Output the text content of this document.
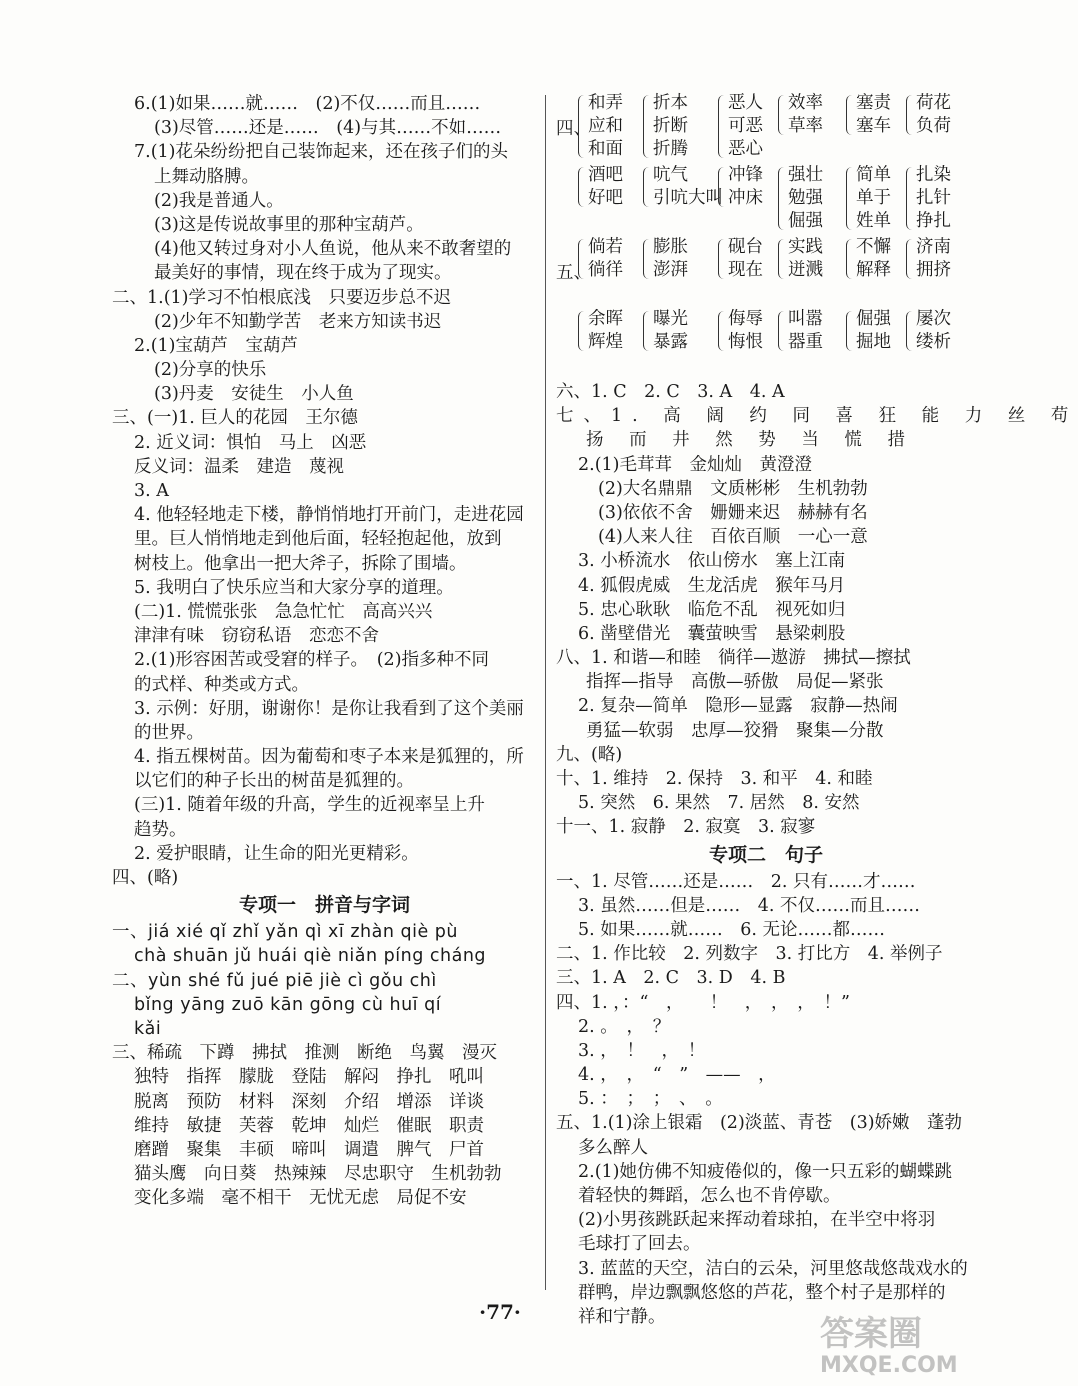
6.(1)如果……就……　(2)不仅……而且……
(3)尽管……还是……　(4)与其……不如……
7.(1)花朵纷纷把自己装饰起来，还在孩子们的头
上舞动胳膊。
(2)我是普通人。
(3)这是传说故事里的那种宝葫芦。
(4)他又转过身对小人鱼说，他从来不敢奢望的
最美好的事情，现在终于成为了现实。
二、1.(1)学习不怕根底浅　只要迈步总不迟
(2)少年不知勤学苦　老来方知读书迟
2.(1)宝葫芦　宝葫芦
(2)分享的快乐
(3)丹麦　安徒生　小人鱼
三、(一)1. 巨人的花园　王尔德
2. 近义词：惧怕　马上　凶恶
反义词：温柔　建造　蔑视
3. A
4. 他轻轻地走下楼，静悄悄地打开前门，走进花园
里。巨人悄悄地走到他后面，轻轻抱起他，放到
树枝上。他拿出一把大斧子，拆除了围墙。
5. 我明白了快乐应当和大家分享的道理。
(二)1. 慌慌张张　急急忙忙　高高兴兴
津津有味　窃窃私语　恋恋不舍
2.(1)形容困苦或受窘的样子。　(2)指多种不同
的式样、种类或方式。
3. 示例：好朋，谢谢你！是你让我看到了这个美丽
的世界。
4. 指五棵树苗。因为葡萄和枣子本来是狐狸的，所
以它们的种子长出的树苗是狐狸的。
(三)1. 随着年级的升高，学生的近视率呈上升
趋势。
2. 爱护眼睛，让生命的阳光更精彩。
四、(略)
专项一　拼音与字词
一、jiá xié qǐ zhǐ yǎn qì xī zhàn qiè pù
chà shuān jǔ huái qiè niǎn píng cháng
二、yùn shé fǔ jué piē jiè cì gǒu chì
bǐng yāng zuō kān gōng cù huī qí
kǎi
三、稀疏　下蹲　拂拭　推测　断绝　鸟翼　漫灭
独特　指挥　朦胧　登陆　解闷　挣扎　吼叫
脱离　预防　材料　深刻　介绍　增添　详谈
维持　敏捷　芙蓉　乾坤　灿烂　催眠　职责
磨蹭　聚集　丰硕　啼叫　调遣　脾气　尸首
猫头鹰　向日葵　热辣辣　尽忠职守　生机勃勃
变化多端　毫不相干　无忧无虑　局促不安
四、
和弄
应和
和面
折本
折断
折腾
恶人
可恶
恶心
效率
草率
塞责
塞车
荷花
负荷
酒吧
好吧
吭气
引吭大叫
冲锋
冲床
强壮
勉强
倔强
简单
单于
姓单
扎染
扎针
挣扎
五、
倘若
徜徉
膨胀
澎湃
砚台
现在
实践
迸溅
不懈
解释
济南
拥挤
余晖
辉煌
曝光
暴露
侮辱
悔恨
叫嚣
器重
倔强
掘地
屡次
缕析
六、1. C　2. C　3. A　4. A
七、1. 高 阔 约 同 喜 狂 能 力 丝 苟
扬 而 井 然 势 当 慌 措
2.(1)毛茸茸　金灿灿　黄澄澄
(2)大名鼎鼎　文质彬彬　生机勃勃
(3)依依不舍　姗姗来迟　赫赫有名
(4)人来人往　百依百顺　一心一意
3. 小桥流水　依山傍水　塞上江南
4. 狐假虎威　生龙活虎　猴年马月
5. 忠心耿耿　临危不乱　视死如归
6. 凿壁借光　囊萤映雪　悬梁刺股
八、1. 和谐—和睦　徜徉—遨游　拂拭—擦拭
指挥—指导　高傲—骄傲　局促—紧张
2. 复杂—简单　隐形—显露　寂静—热闹
勇猛—软弱　忠厚—狡猾　聚集—分散
九、(略)
十、1. 维持　2. 保持　3. 和平　4. 和睦
5. 突然　6. 果然　7. 居然　8. 安然
十一、1. 寂静　2. 寂寞　3. 寂寥
专项二　句子
一、1. 尽管……还是……　2. 只有……才……
3. 虽然……但是……　4. 不仅……而且……
5. 如果……就……　6. 无论……都……
二、1. 作比较　2. 列数字　3. 打比方　4. 举例子
三、1. A　2. C　3. D　4. B
四、1. ，：“　，　　！　，　，　，　！”
2. 。　，　？
3. ，　！　，　！
4. ，　，　“　”　——　，
5. ：　；　；　、　。
五、1.(1)涂上银霜　(2)淡蓝、青苍　(3)娇嫩　蓬勃
多么醉人
2.(1)她仿佛不知疲倦似的，像一只五彩的蝴蝶跳
着轻快的舞蹈，怎么也不肯停歇。
(2)小男孩跳跃起来挥动着球拍，在半空中将羽
毛球打了回去。
3. 蓝蓝的天空，洁白的云朵，河里悠哉悠哉戏水的
群鸭，岸边飘飘悠悠的芦花，整个村子是那样的
祥和宁静。
·77·
答案圈
MXQE.COM
